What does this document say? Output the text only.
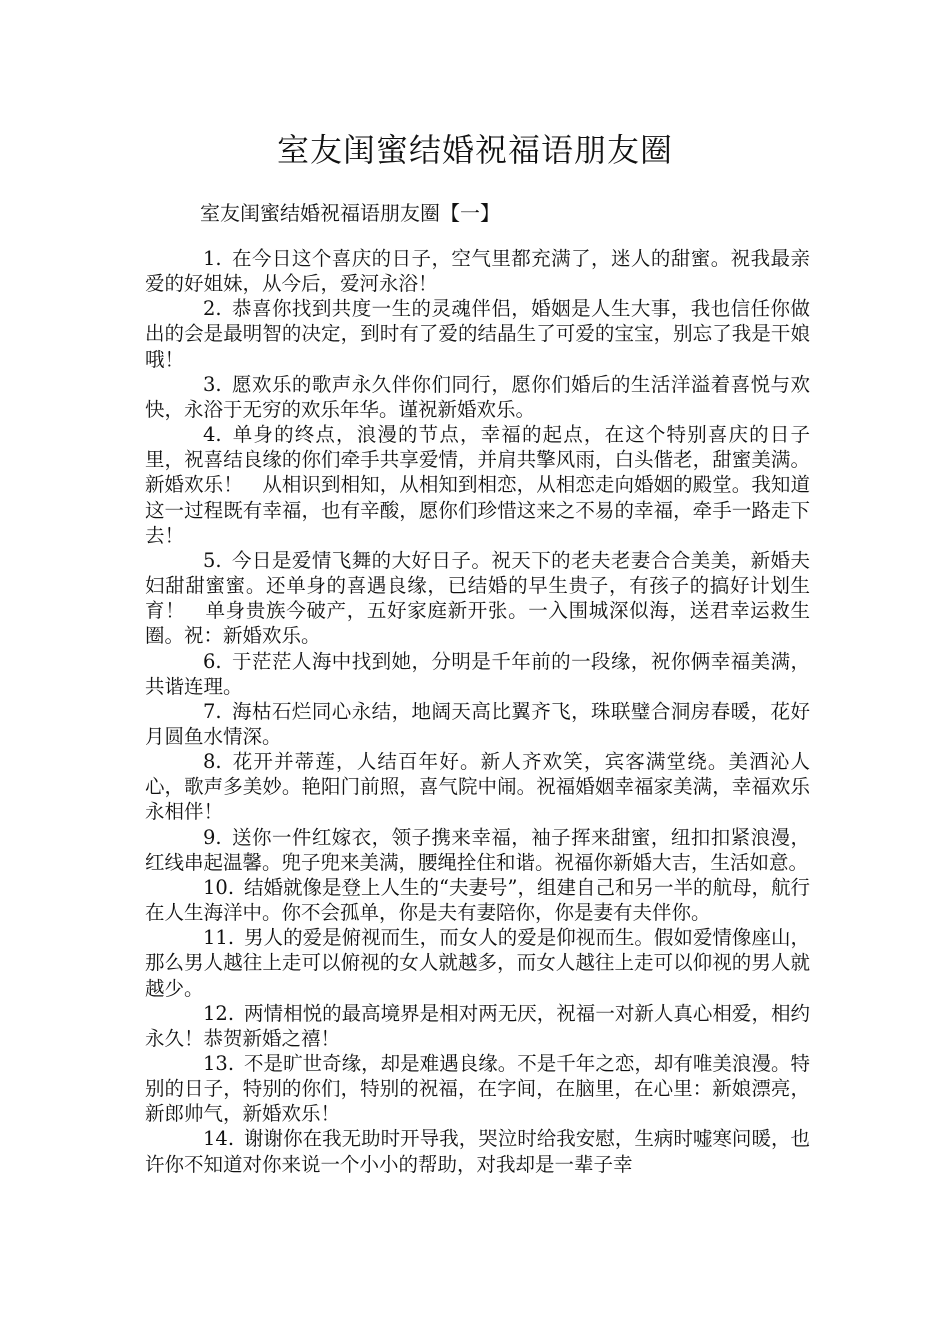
室友闺蜜结婚祝福语朋友圈
室友闺蜜结婚祝福语朋友圈【一】

1. 在今日这个喜庆的日子，空气里都充满了，迷人的甜蜜。祝我最亲爱的好姐妹，从今后，爱河永浴！

2. 恭喜你找到共度一生的灵魂伴侣，婚姻是人生大事，我也信任你做出的会是最明智的决定，到时有了爱的结晶生了可爱的宝宝，别忘了我是干娘哦！

3. 愿欢乐的歌声永久伴你们同行，愿你们婚后的生活洋溢着喜悦与欢快，永浴于无穷的欢乐年华。谨祝新婚欢乐。

4. 单身的终点，浪漫的节点，幸福的起点，在这个特别喜庆的日子里，祝喜结良缘的你们牵手共享爱情，并肩共擎风雨，白头偕老，甜蜜美满。新婚欢乐！　从相识到相知，从相知到相恋，从相恋走向婚姻的殿堂。我知道这一过程既有幸福，也有辛酸，愿你们珍惜这来之不易的幸福，牵手一路走下去！

5. 今日是爱情飞舞的大好日子。祝天下的老夫老妻合合美美，新婚夫妇甜甜蜜蜜。还单身的喜遇良缘，已结婚的早生贵子，有孩子的搞好计划生育！　单身贵族今破产，五好家庭新开张。一入围城深似海，送君幸运救生圈。祝：新婚欢乐。

6. 于茫茫人海中找到她，分明是千年前的一段缘，祝你俩幸福美满，共谐连理。

7. 海枯石烂同心永结，地阔天高比翼齐飞，珠联璧合洞房春暖，花好月圆鱼水情深。

8. 花开并蒂莲，人结百年好。新人齐欢笑，宾客满堂绕。美酒沁人心，歌声多美妙。艳阳门前照，喜气院中闹。祝福婚姻幸福家美满，幸福欢乐永相伴！

9. 送你一件红嫁衣，领子携来幸福，袖子挥来甜蜜，纽扣扣紧浪漫，红线串起温馨。兜子兜来美满，腰绳拴住和谐。祝福你新婚大吉，生活如意。

10. 结婚就像是登上人生的“夫妻号”，组建自己和另一半的航母，航行在人生海洋中。你不会孤单，你是夫有妻陪你，你是妻有夫伴你。

11. 男人的爱是俯视而生，而女人的爱是仰视而生。假如爱情像座山，那么男人越往上走可以俯视的女人就越多，而女人越往上走可以仰视的男人就越少。

12. 两情相悦的最高境界是相对两无厌，祝福一对新人真心相爱，相约永久！恭贺新婚之禧！

13. 不是旷世奇缘，却是难遇良缘。不是千年之恋，却有唯美浪漫。特别的日子，特别的你们，特别的祝福，在字间，在脑里，在心里：新娘漂亮，新郎帅气，新婚欢乐！

14. 谢谢你在我无助时开导我，哭泣时给我安慰，生病时嘘寒问暖，也许你不知道对你来说一个小小的帮助，对我却是一辈子幸
